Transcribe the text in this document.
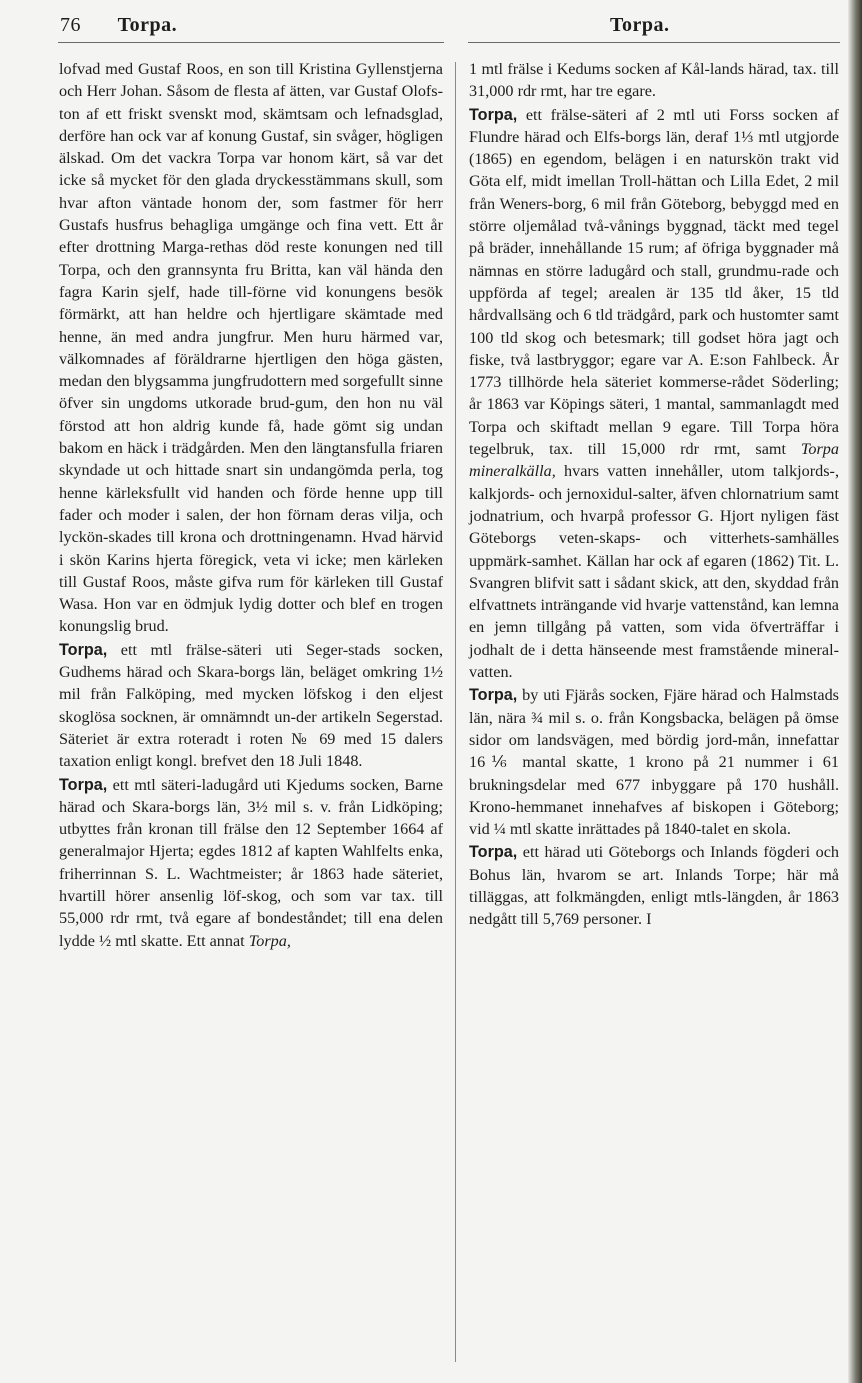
76 Torpa.	Torpa.

lofvad med Gustaf Roos, en son till Kristina Gyllenstjerna och Herr Johan. Såsom de flesta af ätten, var Gustaf Olofs-ton af ett friskt svenskt mod, skämtsam och lefnadsglad, derföre han ock var af konung Gustaf, sin svåger, högligen älskad. Om det vackra Torpa var honom kärt, så var det icke så mycket för den glada dryckesstämmans skull, som hvar afton väntade honom der, som fastmer för herr Gustafs husfrus behagliga umgänge och fina vett. Ett år efter drottning Marga-rethas död reste konungen ned till Torpa, och den grannsynta fru Britta, kan väl hända den fagra Karin sjelf, hade till-förne vid konungens besök förmärkt, att han heldre och hjertligare skämtade med henne, än med andra jungfrur. Men huru härmed var, välkomnades af föräldrarne hjertligen den höga gästen, medan den blygsamma jungfrudottern med sorgefullt sinne öfver sin ungdoms utkorade brud-gum, den hon nu väl förstod att hon aldrig kunde få, hade gömt sig undan bakom en häck i trädgården. Men den längtansfulla friaren skyndade ut och hittade snart sin undangömda perla, tog henne kärleksfullt vid handen och förde henne upp till fader och moder i salen, der hon förnam deras vilja, och lyckön-skades till krona och drottningenamn. Hvad härvid i skön Karins hjerta föregick, veta vi icke; men kärleken till Gustaf Roos, måste gifva rum för kärleken till Gustaf Wasa. Hon var en ödmjuk lydig dotter och blef en trogen konungslig brud.

Torpa, ett mtl frälse-säteri uti Seger-stads socken, Gudhems härad och Skara-borgs län, beläget omkring 1½ mil från Falköping, med mycken löfskog i den eljest skoglösa socknen, är omnämndt un-der artikeln Segerstad. Säteriet är extra roteradt i roten № 69 med 15 dalers taxation enligt kongl. brefvet den 18 Juli 1848.

Torpa, ett mtl säteri-ladugård uti Kjedums socken, Barne härad och Skara-borgs län, 3½ mil s. v. från Lidköping; utbyttes från kronan till frälse den 12 September 1664 af generalmajor Hjerta; egdes 1812 af kapten Wahlfelts enka, friherrinnan S. L. Wachtmeister; år 1863 hade säteriet, hvartill hörer ansenlig löf-skog, och som var tax. till 55,000 rdr rmt, två egare af bondeståndet; till ena delen lydde ½ mtl skatte. Ett annat Torpa,

1 mtl frälse i Kedums socken af Kål-lands härad, tax. till 31,000 rdr rmt, har tre egare.

Torpa, ett frälse-säteri af 2 mtl uti Forss socken af Flundre härad och Elfs-borgs län, deraf 1⅓ mtl utgjorde (1865) en egendom, belägen i en naturskön trakt vid Göta elf, midt imellan Troll-hättan och Lilla Edet, 2 mil från Weners-borg, 6 mil från Göteborg, bebyggd med en större oljemålad två-vånings byggnad, täckt med tegel på bräder, innehållande 15 rum; af öfriga byggnader må nämnas en större ladugård och stall, grundmu-rade och uppförda af tegel; arealen är 135 tld åker, 15 tld hårdvallsäng och 6 tld trädgård, park och hustomter samt 100 tld skog och betesmark; till godset höra jagt och fiske, två lastbryggor; egare var A. E:son Fahlbeck. År 1773 tillhörde hela säteriet kommerse-rådet Söderling; år 1863 var Köpings säteri, 1 mantal, sammanlagdt med Torpa och skiftadt mellan 9 egare. Till Torpa höra tegelbruk, tax. till 15,000 rdr rmt, samt Torpa mineralkälla, hvars vatten innehåller, utom talkjords-, kalkjords- och jernoxidul-salter, äfven chlornatrium samt jodnatrium, och hvarpå professor G. Hjort nyligen fäst Göteborgs veten-skaps- och vitterhets-samhälles uppmärk-samhet. Källan har ock af egaren (1862) Tit. L. Svangren blifvit satt i sådant skick, att den, skyddad från elfvattnets inträngande vid hvarje vattenstånd, kan lemna en jemn tillgång på vatten, som vida öfverträffar i jodhalt de i detta hänseende mest framstående mineral-vatten.

Torpa, by uti Fjärås socken, Fjäre härad och Halmstads län, nära ¾ mil s. o. från Kongsbacka, belägen på ömse sidor om landsvägen, med bördig jord-mån, innefattar 16⅙ mantal skatte, 1 krono på 21 nummer i 61 brukningsdelar med 677 inbyggare på 170 hushåll. Krono-hemmanet innehafves af biskopen i Göteborg; vid ¼ mtl skatte inrättades på 1840-talet en skola.

Torpa, ett härad uti Göteborgs och Inlands fögderi och Bohus län, hvarom se art. Inlands Torpe; här må tilläggas, att folkmängden, enligt mtls-längden, år 1863 nedgått till 5,769 personer. I
